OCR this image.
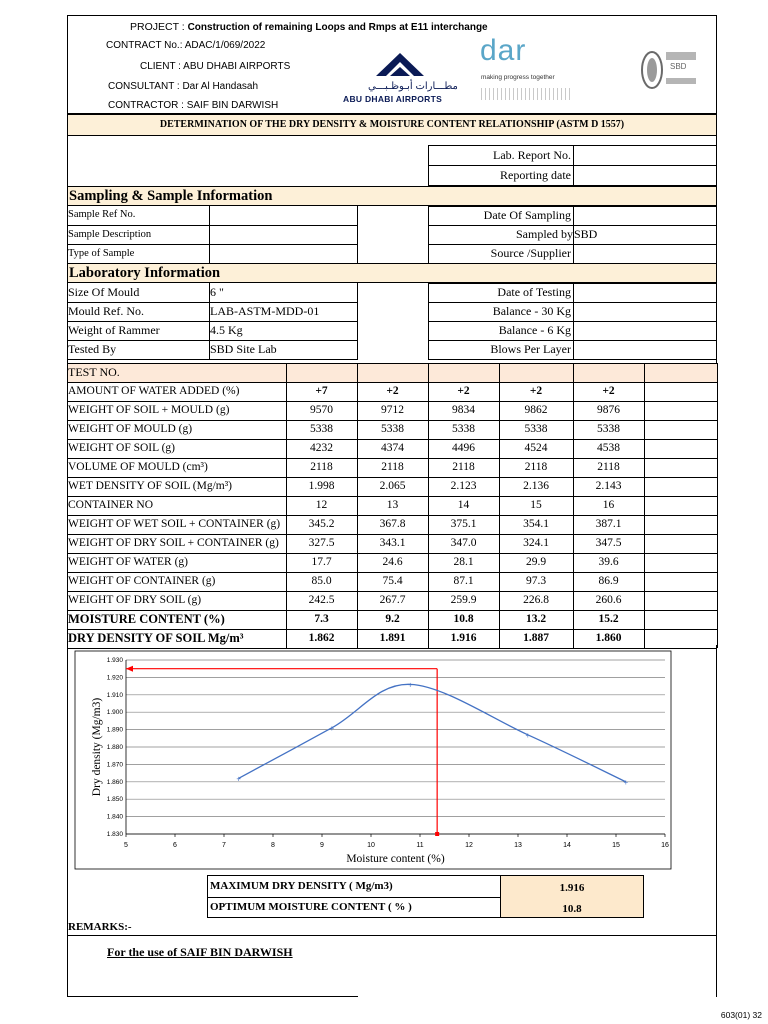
PROJECT : Construction of remaining Loops and Rmps at E11 interchange
CONTRACT No.: ADAC/1/069/2022
CLIENT : ABU DHABI AIRPORTS
CONSULTANT : Dar Al Handasah
CONTRACTOR : SAIF BIN DARWISH
مطـــارات أبـوظـبـــي
ABU DHABI AIRPORTS
dar
making progress together
SBD
DETERMINATION OF THE DRY DENSITY & MOISTURE CONTENT RELATIONSHIP (ASTM D 1557)
Lab. Report No.
Reporting date
Sampling & Sample Information
Sample Ref No.
Sample Description
Type of Sample
Date Of Sampling
Sampled by SBD
Source /Supplier
Laboratory Information
Size Of Mould	6 "
Mould Ref. No.	LAB-ASTM-MDD-01
Weight of Rammer	4.5 Kg
Tested By	SBD Site Lab
Date of Testing
Balance - 30 Kg
Balance - 6 Kg
Blows Per Layer
1.830
1.840
1.850
1.860
1.870
1.880
1.890
1.900
1.910
1.920
1.930
5	6	7	8	9	10	11	12	13	14	15	16
Moisture content (%)
Dry density (Mg/m3)	+
+
+
+
+
MAXIMUM DRY DENSITY ( Mg/m3)	1.916
OPTIMUM MOISTURE CONTENT ( % )	10.8
REMARKS:-
For the use of SAIF BIN DARWISH
603(01) 32
TEST NO.
AMOUNT OF WATER ADDED (%)	+7	+2	+2	+2	+2
WEIGHT OF SOIL + MOULD (g)	9570	9712	9834	9862	9876
WEIGHT OF MOULD (g)	5338	5338	5338	5338	5338
WEIGHT OF SOIL (g)	4232	4374	4496	4524	4538
VOLUME OF MOULD (cm³)	2118	2118	2118	2118	2118
WET DENSITY OF SOIL (Mg/m³)	1.998	2.065	2.123	2.136	2.143
CONTAINER NO	12	13	14	15	16
WEIGHT OF WET SOIL + CONTAINER (g)	345.2	367.8	375.1	354.1	387.1
WEIGHT OF DRY SOIL + CONTAINER (g)	327.5	343.1	347.0	324.1	347.5
WEIGHT OF WATER (g)	17.7	24.6	28.1	29.9	39.6
WEIGHT OF CONTAINER (g)	85.0	75.4	87.1	97.3	86.9
WEIGHT OF DRY SOIL (g)	242.5	267.7	259.9	226.8	260.6
MOISTURE CONTENT (%)	7.3	9.2	10.8	13.2	15.2
DRY DENSITY OF SOIL Mg/m³	1.862	1.891	1.916	1.887	1.860
